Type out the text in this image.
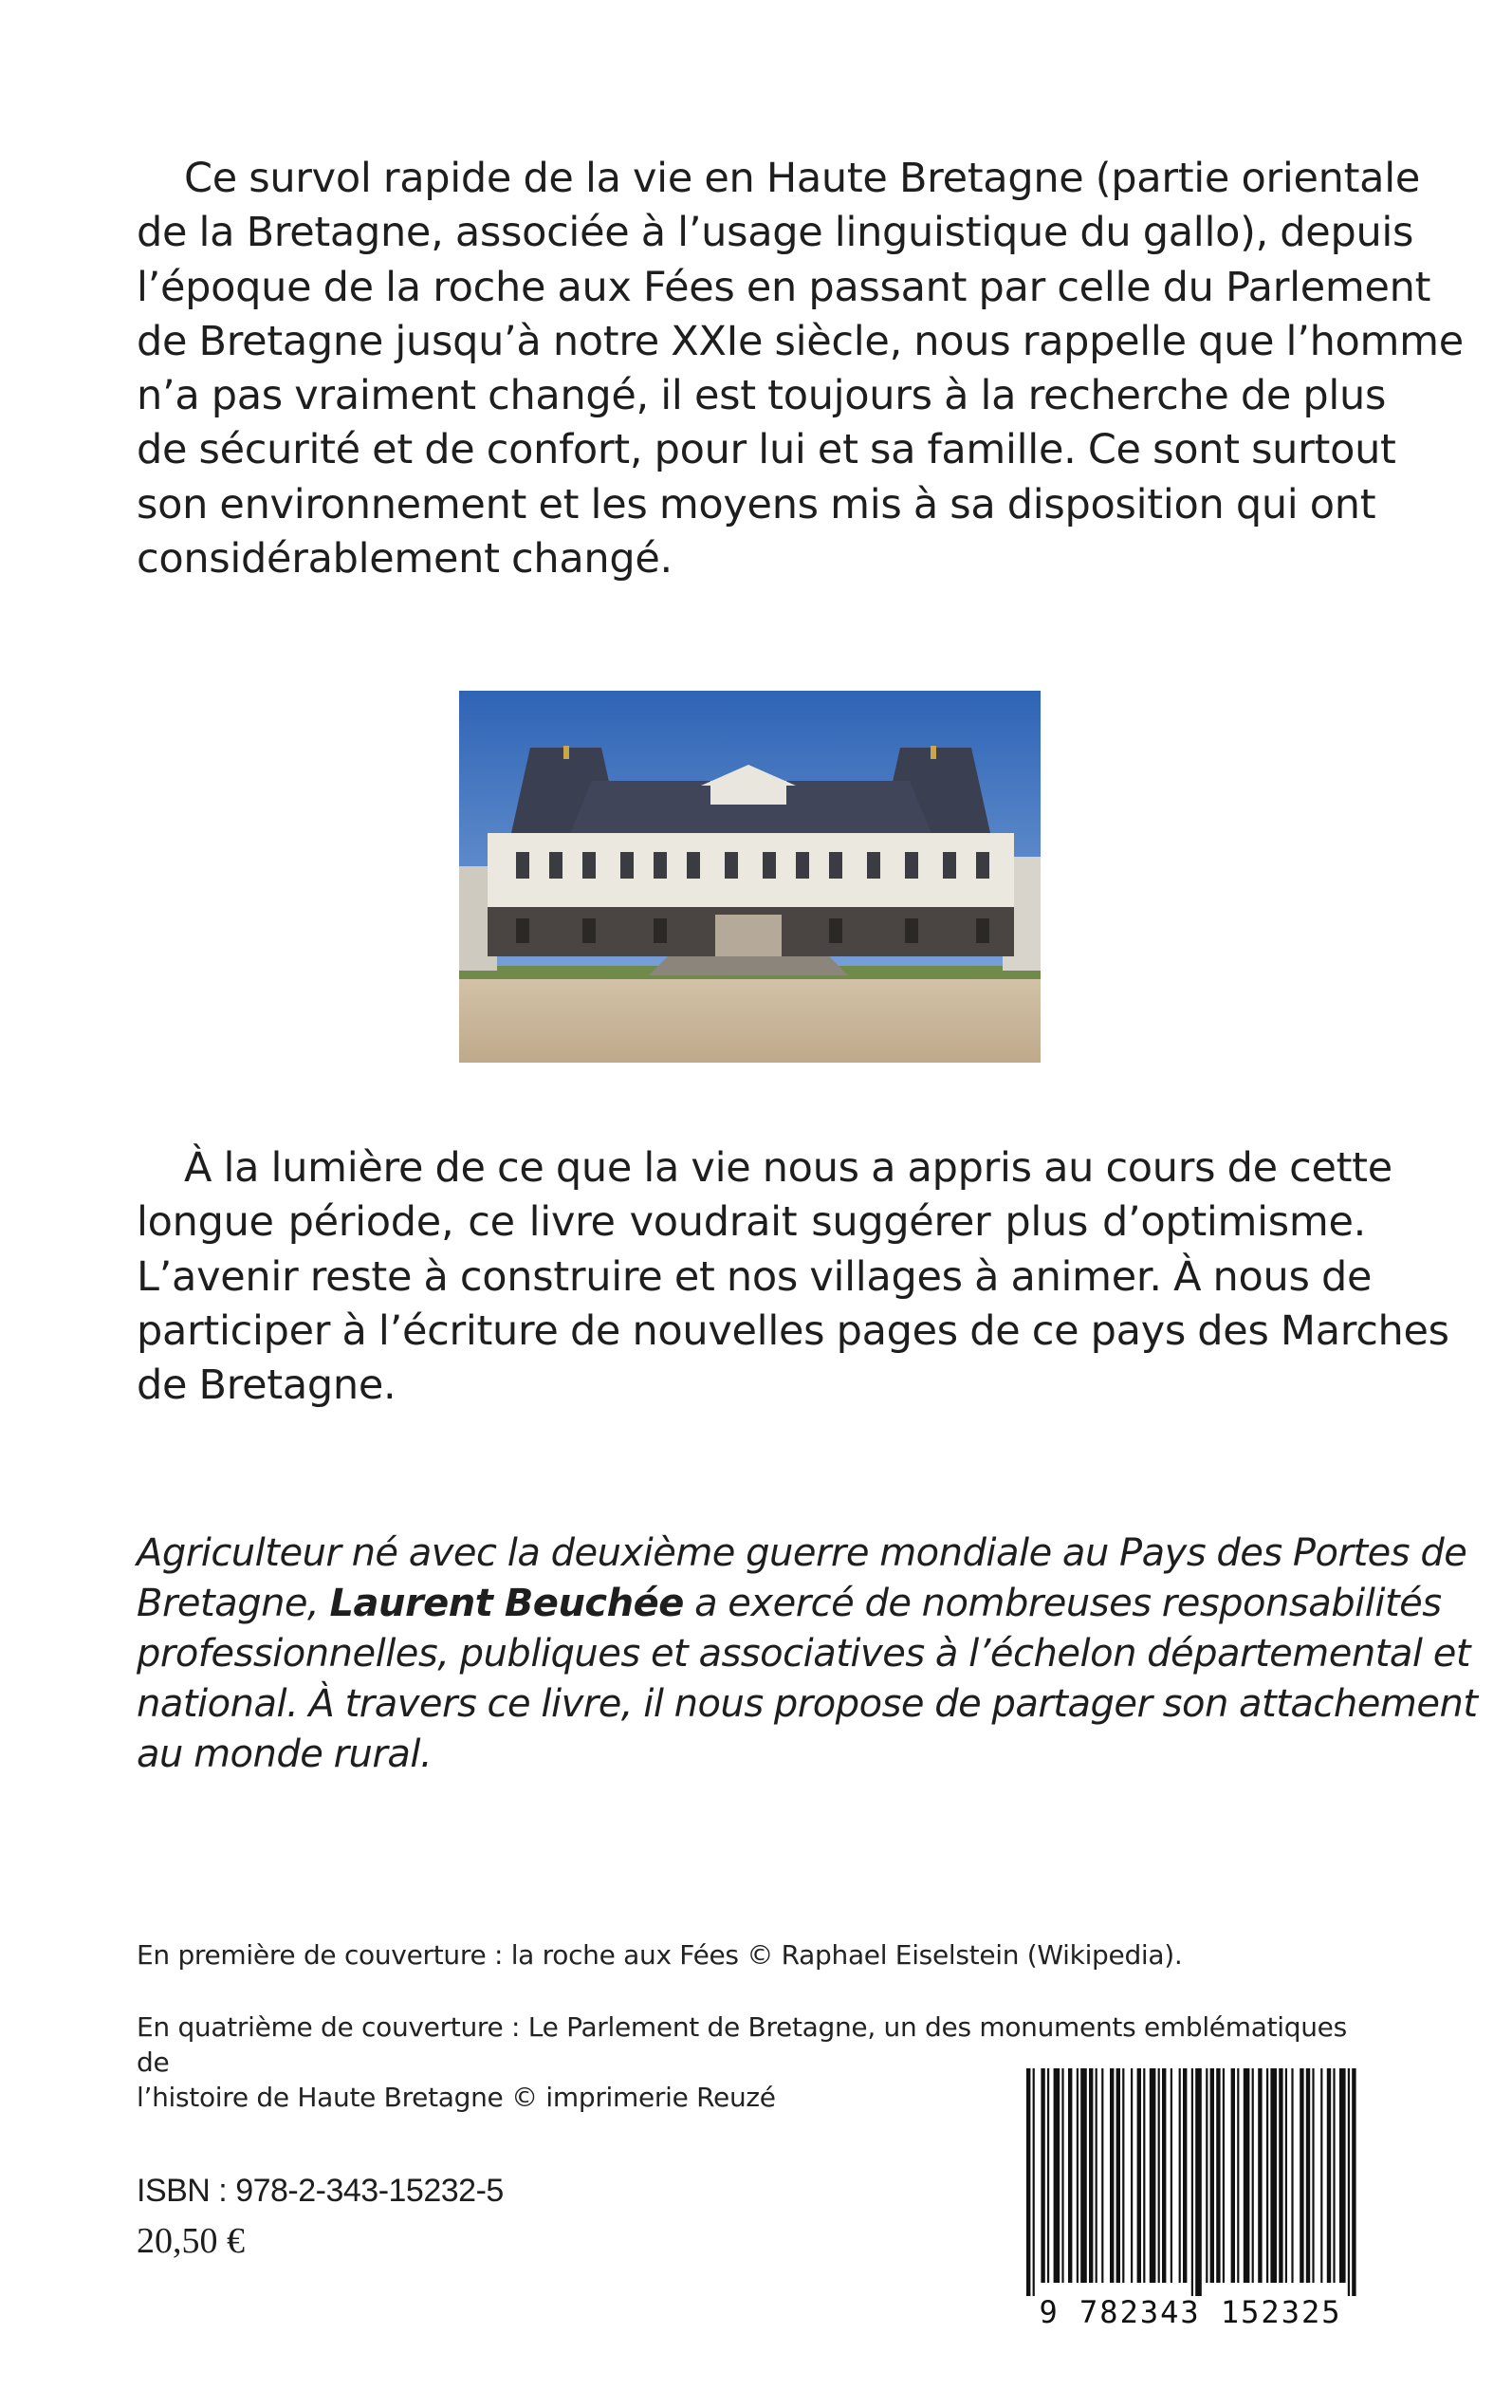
Ce survol rapide de la vie en Haute Bretagne (partie orientale

de la Bretagne, associée à l’usage linguistique du gallo), depuis
l’époque de la roche aux Fées en passant par celle du Parlement
de Bretagne jusqu’à notre XXIe siècle, nous rappelle que l’homme
n’a pas vraiment changé, il est toujours à la recherche de plus
de sécurité et de confort, pour lui et sa famille. Ce sont surtout
son environnement et les moyens mis à sa disposition qui ont
considérablement changé.

À la lumière de ce que la vie nous a appris au cours de cette

longue période, ce livre voudrait suggérer plus d’optimisme.
L’avenir reste à construire et nos villages à animer. À nous de
participer à l’écriture de nouvelles pages de ce pays des Marches
de Bretagne.

Agriculteur né avec la deuxième guerre mondiale au Pays des Portes de
Bretagne, Laurent Beuchée a exercé de nombreuses responsabilités
professionnelles, publiques et associatives à l’échelon départemental et
national. À travers ce livre, il nous propose de partager son attachement
au monde rural.

En première de couverture : la roche aux Fées © Raphael Eiselstein (Wikipedia).
En quatrième de couverture : Le Parlement de Bretagne, un des monuments emblématiques de
l’histoire de Haute Bretagne © imprimerie Reuzé
ISBN : 978-2-343-15232-5
20,50 €
9 782343 152325
